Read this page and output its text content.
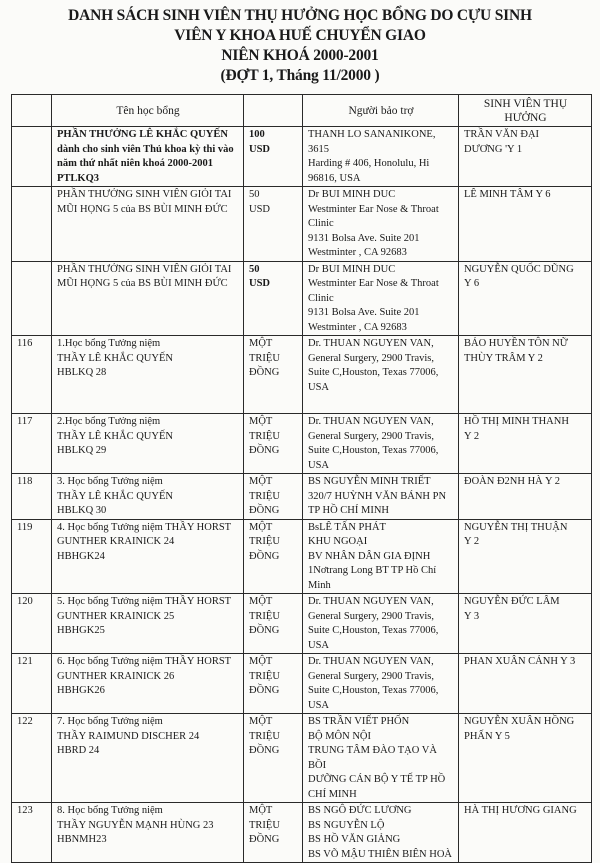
DANH SÁCH SINH VIÊN THỤ HƯỞNG HỌC BỔNG DO CỰU SINH
VIÊN Y KHOA HUẾ CHUYỂN GIAO
NIÊN KHOÁ 2000-2001
(ĐỢT 1, Tháng 11/2000 )
	Tên học bổng		Người bảo trợ	SINH VIÊN THỤ HƯỞNG

	PHẦN THƯỞNG LÊ KHẮC QUYẾN
dành cho sinh viên Thủ khoa kỳ thi vào
năm thứ nhất niên khoá 2000-2001
PTLKQ3	100
USD	THANH LO SANANIKONE, 3615
Harding # 406, Honolulu, Hi
96816, USA	TRẦN VĂN ĐẠI
DƯƠNG 'Y 1

	PHẦN THƯỞNG SINH VIÊN GIỎI TAI
MŨI HỌNG 5 của BS BÙI MINH ĐỨC	50
USD	Dr BUI MINH DUC
Westminter Ear Nose & Throat
Clinic
9131 Bolsa Ave. Suite 201
Westminter , CA 92683	LÊ MINH TÂM Y 6

	PHẦN THƯỞNG SINH VIÊN GIỎI TAI
MŨI HỌNG 5 của BS BÙI MINH ĐỨC	50
USD	Dr BUI MINH DUC
Westminter Ear Nose & Throat
Clinic
9131 Bolsa Ave. Suite 201
Westminter , CA 92683	NGUYỄN QUỐC DŨNG
Y 6

116	1.Học bổng Tưởng niệm
THẦY LÊ KHẮC QUYẾN
HBLKQ 28	MỘT
TRIỆU
ĐỒNG	Dr. THUAN NGUYEN VAN,
General Surgery, 2900 Travis,
Suite C,Houston, Texas 77006,
USA	BẢO HUYỀN TÔN NỮ
THÙY TRÂM Y 2

117	2.Học bổng Tưởng niệm
THẦY LÊ KHẮC QUYẾN
HBLKQ 29	MỘT
TRIỆU
ĐỒNG	Dr. THUAN NGUYEN VAN,
General Surgery, 2900 Travis,
Suite C,Houston, Texas 77006,
USA	HỒ THỊ MINH THANH
Y 2

118	3. Học bổng Tưởng niệm
THẦY LÊ KHẮC QUYẾN
HBLKQ 30	MỘT
TRIỆU
ĐỒNG	BS NGUYỄN MINH TRIẾT
320/7 HUỲNH VĂN BÁNH PN
TP HỒ CHÍ MINH	ĐOÀN Đ2NH HÀ Y 2

119	4. Học bổng Tưởng niệm THẦY HORST
GUNTHER KRAINICK 24
HBHGK24	MỘT
TRIỆU
ĐỒNG	BsLÊ TẤN PHÁT
KHU NGOẠI
BV NHÂN DÂN GIA ĐỊNH
1Nơtrang Long BT TP Hồ Chí
Minh	NGUYỄN THỊ THUẬN
Y 2

120	5. Học bổng Tưởng niệm THẦY HORST
GUNTHER KRAINICK 25
HBHGK25	MỘT
TRIỆU
ĐỒNG	Dr. THUAN NGUYEN VAN,
General Surgery, 2900 Travis,
Suite C,Houston, Texas 77006,
USA	NGUYỄN ĐỨC LÂM
Y 3

121	6. Học bổng Tưởng niệm THẦY HORST
GUNTHER KRAINICK 26
HBHGK26	MỘT
TRIỆU
ĐỒNG	Dr. THUAN NGUYEN VAN,
General Surgery, 2900 Travis,
Suite C,Houston, Texas 77006,
USA	PHAN XUÂN CẢNH Y 3

122	7. Học bổng Tưởng niệm
THẦY RAIMUND DISCHER 24
HBRD 24	MỘT
TRIỆU
ĐỒNG	BS TRẦN VIẾT PHỐN
BỘ MÔN NỘI
TRUNG TÂM ĐÀO TẠO VÀ BỒI
DƯỠNG CÁN BỘ Y TẾ TP HỒ
CHÍ MINH	NGUYỄN XUÂN HỒNG
PHẤN Y 5

123	8. Học bổng Tưởng niệm
THẦY NGUYỄN MẠNH HÙNG 23
HBNMH23	MỘT
TRIỆU
ĐỒNG	BS NGÔ ĐỨC LƯƠNG
BS NGUYỄN LỘ
BS HỒ VĂN GIẢNG
BS VÕ MẬU THIÊN BIÊN HOÀ	HÀ THỊ HƯƠNG GIANG
